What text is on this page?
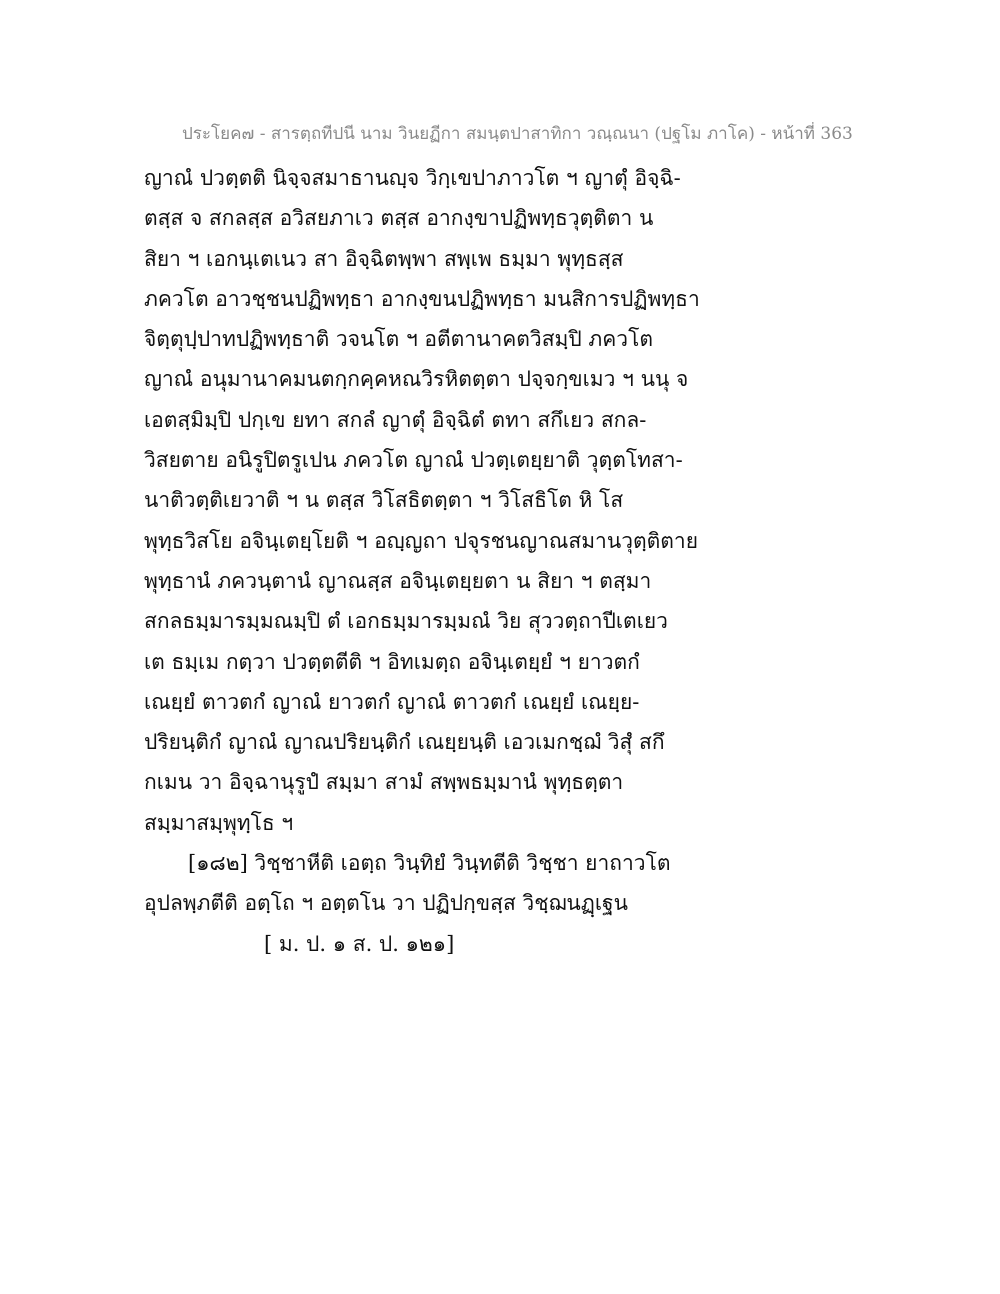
ประโยค๗ - สารตฺถทีปนี นาม วินยฏีกา สมนฺตปาสาทิกา วณฺณนา (ปฐโม ภาโค) - หน้าที่ 363
ญาณํ ปวตฺตติ นิจฺจสมาธานญฺจ วิกฺเขปาภาวโต ฯ ญาตุํ อิจฺฉิ-
ตสฺส จ สกลสฺส อวิสยภาเว ตสฺส อากงฺขาปฏิพทฺธวุตฺติตา น
สิยา ฯ เอกนฺเตเนว สา อิจฺฉิตพฺพา สพฺเพ ธมฺมา พุทฺธสฺส
ภควโต อาวชฺชนปฏิพทฺธา อากงฺขนปฏิพทฺธา มนสิการปฏิพทฺธา
จิตฺตุปฺปาทปฏิพทฺธาติ วจนโต ฯ อตีตานาคตวิสมฺปิ ภควโต
ญาณํ อนุมานาคมนตกฺกคฺคหณวิรหิตตฺตา ปจฺจกฺขเมว ฯ นนุ จ
เอตสฺมิมฺปิ ปกฺเข ยทา สกลํ ญาตุํ อิจฺฉิตํ ตทา สกึเยว สกล-
วิสยตาย อนิรูปิตรูเปน ภควโต ญาณํ ปวตฺเตยฺยาติ วุตฺตโทสา-
นาติวตฺติเยวาติ ฯ น ตสฺส วิโสธิตตฺตา ฯ วิโสธิโต หิ โส
พุทฺธวิสโย อจินฺเตยฺโยติ ฯ อญฺญถา ปจุรชนญาณสมานวุตฺติตาย
พุทฺธานํ ภควนฺตานํ ญาณสฺส อจินฺเตยฺยตา น สิยา ฯ ตสฺมา
สกลธมฺมารมฺมณมฺปิ ตํ เอกธมฺมารมฺมณํ วิย สุววตฺถาปีเตเยว
เต ธมฺเม กตฺวา ปวตฺตตีติ ฯ อิทเมตฺถ อจินฺเตยฺยํ ฯ ยาวตกํ
เณยฺยํ ตาวตกํ ญาณํ ยาวตกํ ญาณํ ตาวตกํ เณยฺยํ เณยฺย-
ปริยนฺติกํ ญาณํ ญาณปริยนฺติกํ เณยฺยนฺติ เอวเมกชฺฌํ วิสุํ สกึ
กเมน วา อิจฺฉานุรูปํ สมฺมา สามํ สพฺพธมฺมานํ พุทฺธตฺตา
สมฺมาสมฺพุทฺโธ ฯ
[๑๘๒] วิชฺชาหีติ เอตฺถ วินฺทิยํ วินฺทตีติ วิชฺชา ยาถาวโต
อุปลพฺภตีติ อตฺโถ ฯ อตฺตโน วา ปฏิปกฺขสฺส วิชฺฌนฏฺเฐน
[ ม. ป. ๑ ส. ป. ๑๒๑]
